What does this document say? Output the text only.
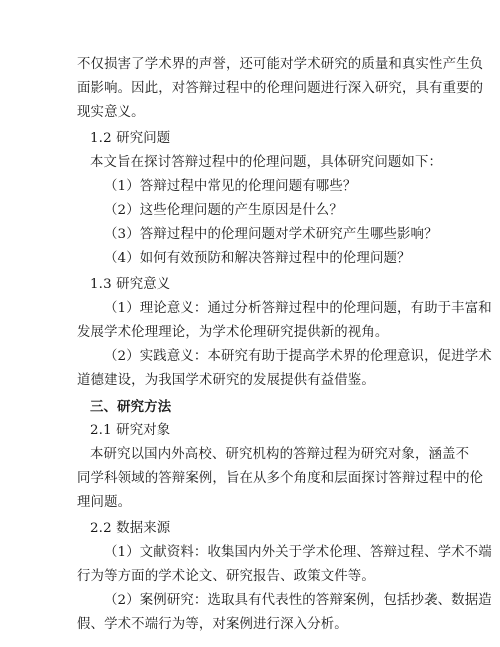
不仅损害了学术界的声誉，还可能对学术研究的质量和真实性产生负
面影响。因此，对答辩过程中的伦理问题进行深入研究，具有重要的
现实意义。
1.2 研究问题
本文旨在探讨答辩过程中的伦理问题，具体研究问题如下：
（1）答辩过程中常见的伦理问题有哪些？
（2）这些伦理问题的产生原因是什么？
（3）答辩过程中的伦理问题对学术研究产生哪些影响？
（4）如何有效预防和解决答辩过程中的伦理问题？
1.3 研究意义
（1）理论意义：通过分析答辩过程中的伦理问题，有助于丰富和
发展学术伦理理论，为学术伦理研究提供新的视角。
（2）实践意义：本研究有助于提高学术界的伦理意识，促进学术
道德建设，为我国学术研究的发展提供有益借鉴。
三、研究方法
2.1 研究对象
本研究以国内外高校、研究机构的答辩过程为研究对象，涵盖不
同学科领域的答辩案例，旨在从多个角度和层面探讨答辩过程中的伦
理问题。
2.2 数据来源
（1）文献资料：收集国内外关于学术伦理、答辩过程、学术不端
行为等方面的学术论文、研究报告、政策文件等。
（2）案例研究：选取具有代表性的答辩案例，包括抄袭、数据造
假、学术不端行为等，对案例进行深入分析。
